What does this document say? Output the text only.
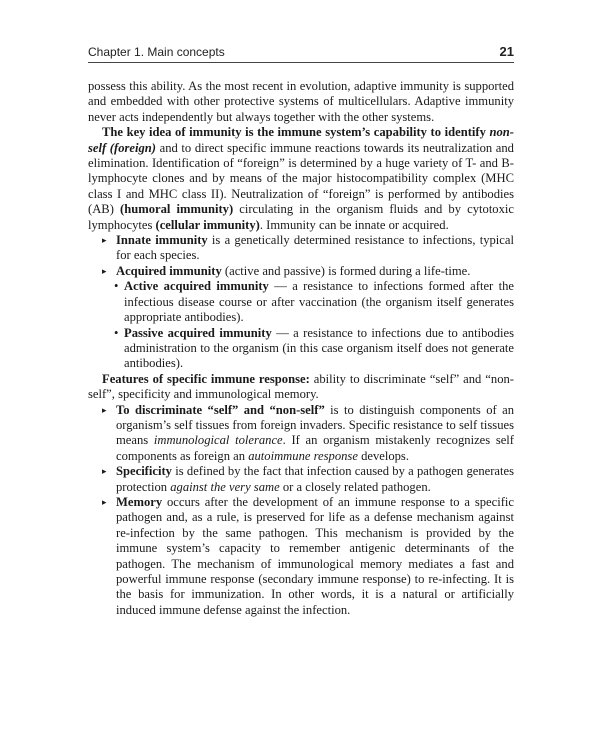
Chapter 1. Main concepts	21

possess this ability. As the most recent in evolution, adaptive immunity is supported and embedded with other protective systems of multicellulars. Adaptive immunity never acts independently but always together with the other systems.

The key idea of immunity is the immune system’s capability to identify non-self (foreign) and to direct specific immune reactions towards its neutralization and elimination. Identification of “foreign” is determined by a huge variety of T- and B-lymphocyte clones and by means of the major histocompatibility complex (MHC class I and MHC class II). Neutralization of “foreign” is performed by antibodies (AB) (humoral immunity) circulating in the organism fluids and by cytotoxic lymphocytes (cellular immunity). Immunity can be innate or acquired.

▸ Innate immunity is a genetically determined resistance to infections, typical for each species.

▸ Acquired immunity (active and passive) is formed during a life-time.

• Active acquired immunity — a resistance to infections formed after the infectious disease course or after vaccination (the organism itself generates appropriate antibodies).

• Passive acquired immunity — a resistance to infections due to antibodies administration to the organism (in this case organism itself does not generate antibodies).

Features of specific immune response: ability to discriminate “self” and “non-self”, specificity and immunological memory.

▸ To discriminate “self” and “non-self” is to distinguish components of an organism’s self tissues from foreign invaders. Specific resistance to self tissues means immunological tolerance. If an organism mistakenly recognizes self components as foreign an autoimmune response develops.

▸ Specificity is defined by the fact that infection caused by a pathogen generates protection against the very same or a closely related pathogen.

▸ Memory occurs after the development of an immune response to a specific pathogen and, as a rule, is preserved for life as a defense mechanism against re-infection by the same pathogen. This mechanism is provided by the immune system’s capacity to remember antigenic determinants of the pathogen. The mechanism of immunological memory mediates a fast and powerful immune response (secondary immune response) to re-infecting. It is the basis for immunization. In other words, it is a natural or artificially induced immune defense against the infection.
